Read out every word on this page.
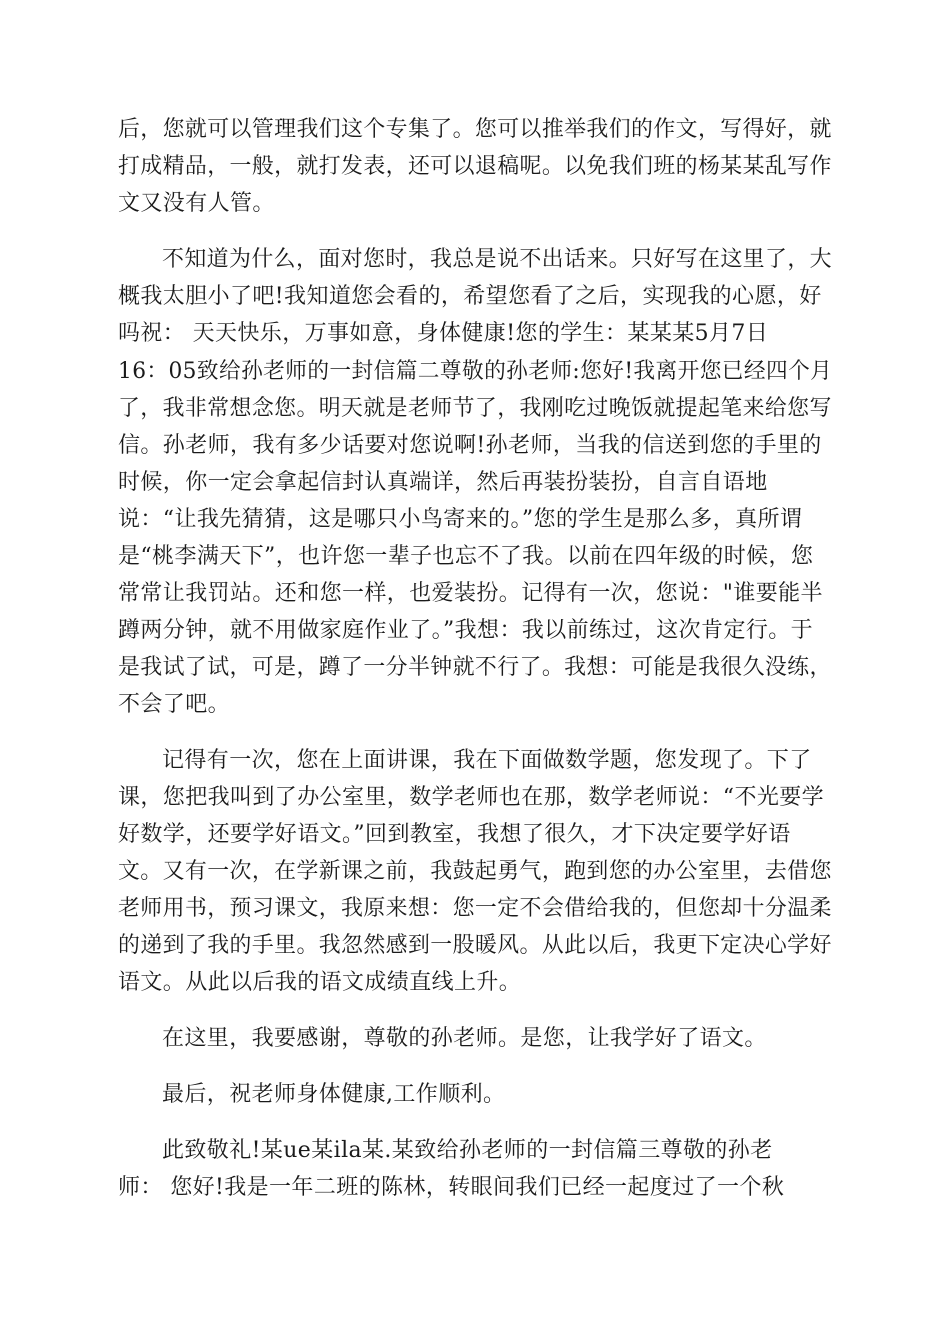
后，您就可以管理我们这个专集了。您可以推举我们的作文，写得好，就
打成精品，一般，就打发表，还可以退稿呢。以免我们班的杨某某乱写作
文又没有人管。
不知道为什么，面对您时，我总是说不出话来。只好写在这里了，大
概我太胆小了吧!我知道您会看的，希望您看了之后，实现我的心愿，好
吗祝： 天天快乐，万事如意，身体健康!您的学生：某某某5月7日
16：05致给孙老师的一封信篇二尊敬的孙老师:您好!我离开您已经四个月
了，我非常想念您。明天就是老师节了，我刚吃过晚饭就提起笔来给您写
信。孙老师，我有多少话要对您说啊!孙老师，当我的信送到您的手里的
时候，你一定会拿起信封认真端详，然后再装扮装扮，自言自语地
说：“让我先猜猜，这是哪只小鸟寄来的。”您的学生是那么多，真所谓
是“桃李满天下”，也许您一辈子也忘不了我。以前在四年级的时候，您
常常让我罚站。还和您一样，也爱装扮。记得有一次，您说："谁要能半
蹲两分钟，就不用做家庭作业了。”我想：我以前练过，这次肯定行。于
是我试了试，可是，蹲了一分半钟就不行了。我想：可能是我很久没练，
不会了吧。
记得有一次，您在上面讲课，我在下面做数学题，您发现了。下了
课，您把我叫到了办公室里，数学老师也在那，数学老师说：“不光要学
好数学，还要学好语文。”回到教室，我想了很久，才下决定要学好语
文。又有一次，在学新课之前，我鼓起勇气，跑到您的办公室里，去借您
老师用书，预习课文，我原来想：您一定不会借给我的，但您却十分温柔
的递到了我的手里。我忽然感到一股暖风。从此以后，我更下定决心学好
语文。从此以后我的语文成绩直线上升。
在这里，我要感谢，尊敬的孙老师。是您，让我学好了语文。
最后，祝老师身体健康,工作顺利。
此致敬礼!某ue某ila某.某致给孙老师的一封信篇三尊敬的孙老
师： 您好!我是一年二班的陈林，转眼间我们已经一起度过了一个秋
